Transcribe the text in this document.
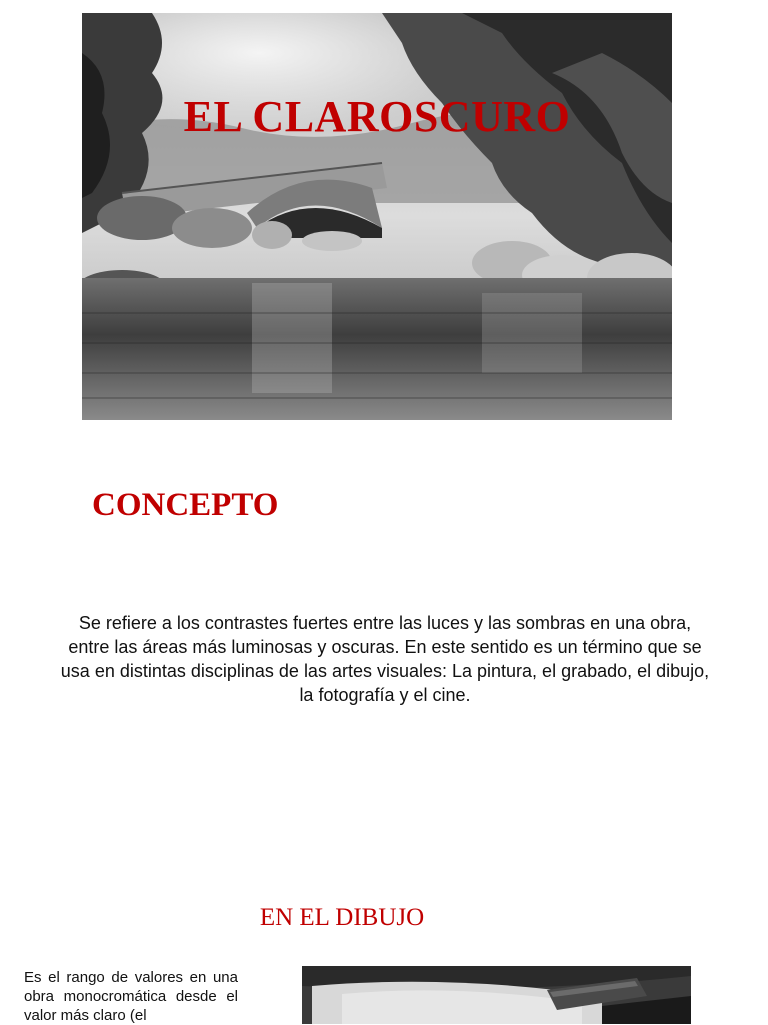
EL CLAROSCURO
CONCEPTO

Se refiere a los contrastes fuertes entre las luces y las sombras en una obra, entre las áreas más luminosas y oscuras. En este sentido es un término que se usa en distintas disciplinas de las artes visuales: La pintura, el grabado, el dibujo, la fotografía y el cine.

EN EL DIBUJO

Es el rango de valores en una obra monocromática desde el valor más claro (el
